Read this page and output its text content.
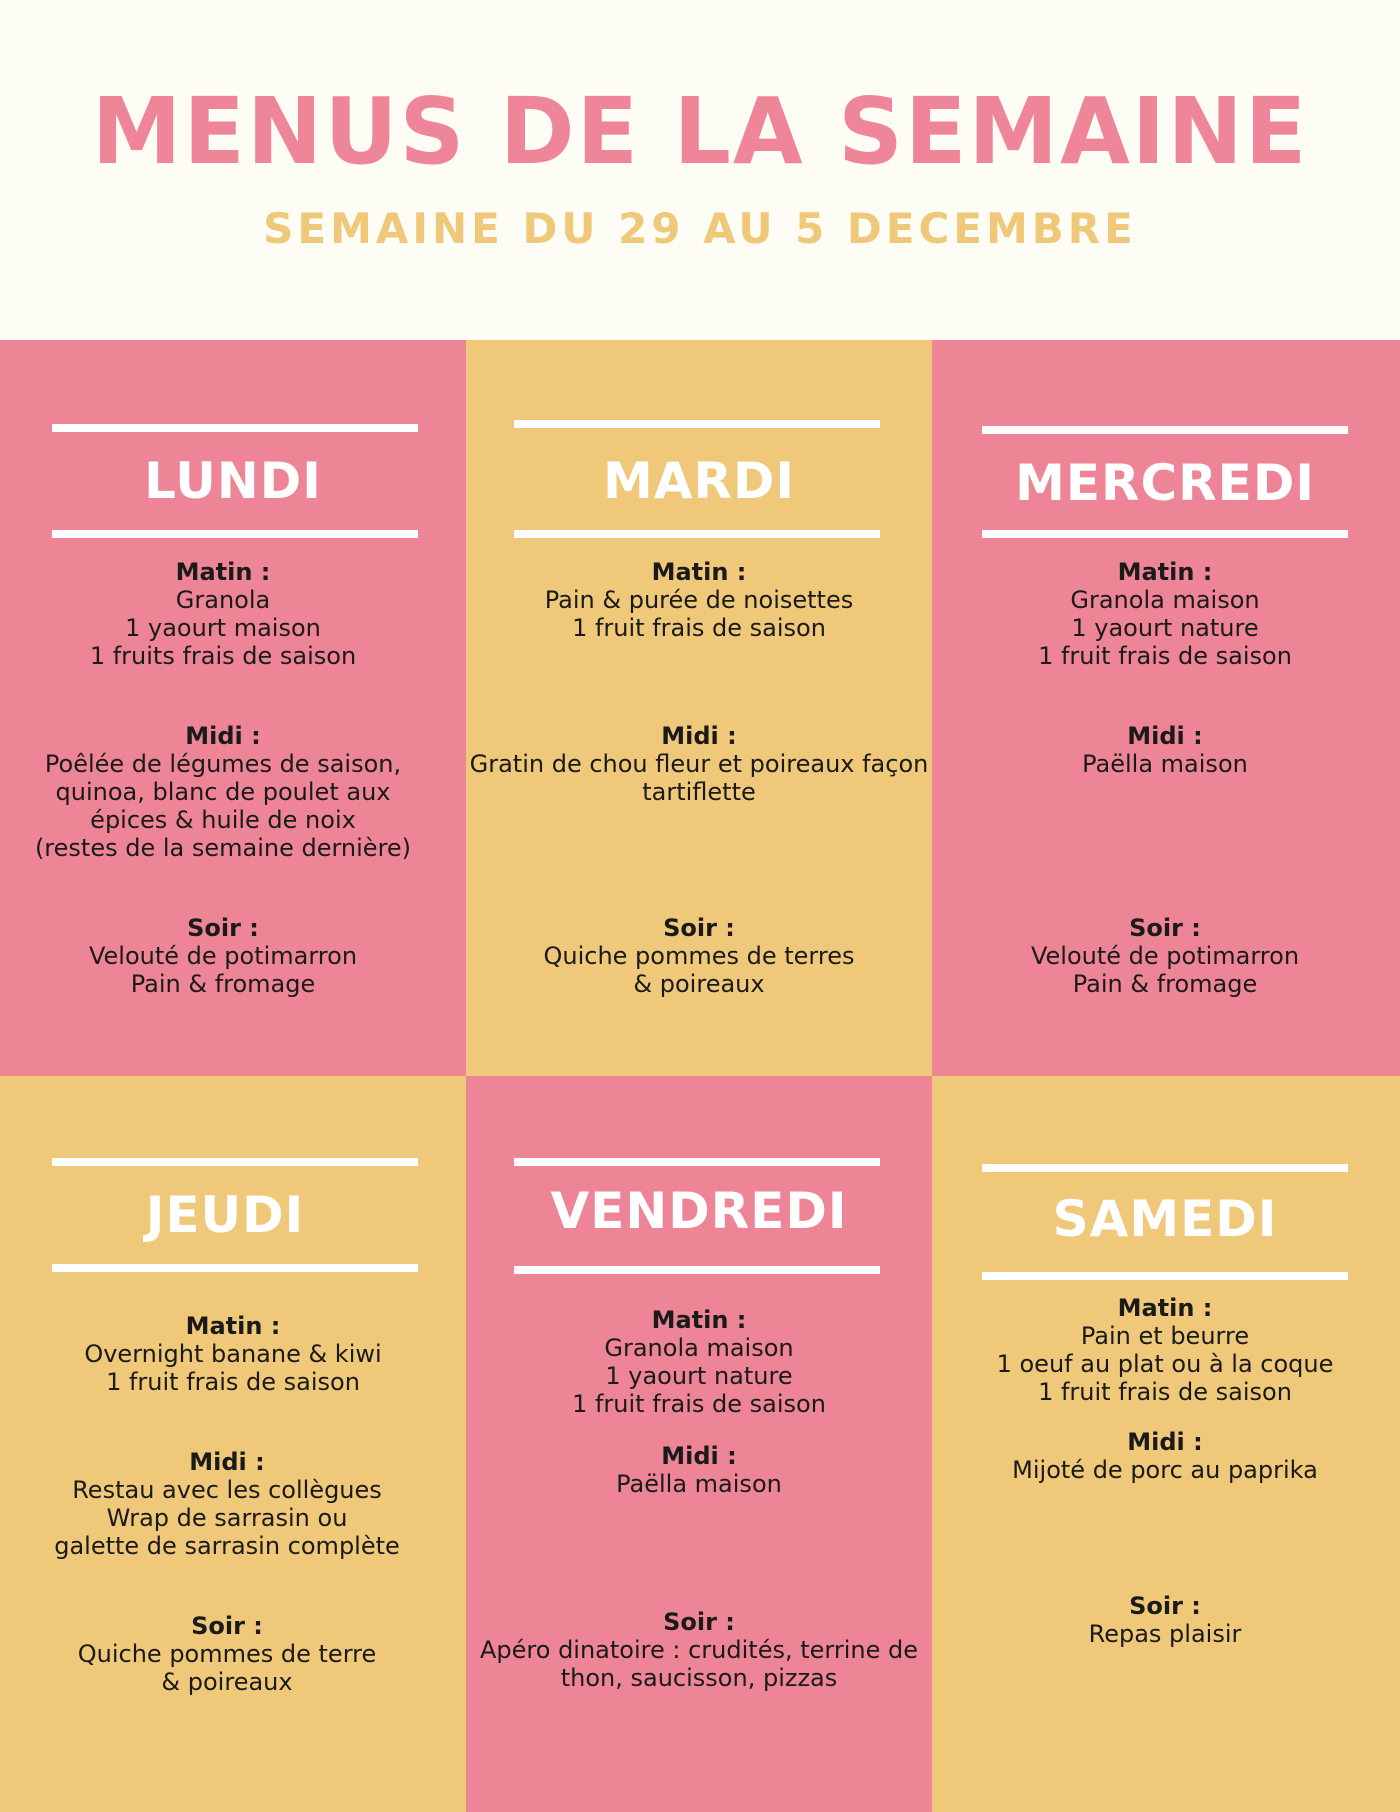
MENUS DE LA SEMAINE
SEMAINE DU 29 AU 5 DECEMBRE
LUNDI
Matin :
Granola
1 yaourt maison
1 fruits frais de saison
Midi :
Poêlée de légumes de saison,
quinoa, blanc de poulet aux
épices & huile de noix
(restes de la semaine dernière)
Soir :
Velouté de potimarron
Pain & fromage
MARDI
Matin :
Pain & purée de noisettes
1 fruit frais de saison
Midi :
Gratin de chou fleur et poireaux façon
tartiflette
Soir :
Quiche pommes de terres
& poireaux
MERCREDI
Matin :
Granola maison
1 yaourt nature
1 fruit frais de saison
Midi :
Paëlla maison
Soir :
Velouté de potimarron
Pain & fromage
JEUDI
Matin :
Overnight banane & kiwi
1 fruit frais de saison
Midi :
Restau avec les collègues
Wrap de sarrasin ou
galette de sarrasin complète
Soir :
Quiche pommes de terre
& poireaux
VENDREDI
Matin :
Granola maison
1 yaourt nature
1 fruit frais de saison
Midi :
Paëlla maison
Soir :
Apéro dinatoire : crudités, terrine de
thon, saucisson, pizzas
SAMEDI
Matin :
Pain et beurre
1 oeuf au plat ou à la coque
1 fruit frais de saison
Midi :
Mijoté de porc au paprika
Soir :
Repas plaisir
